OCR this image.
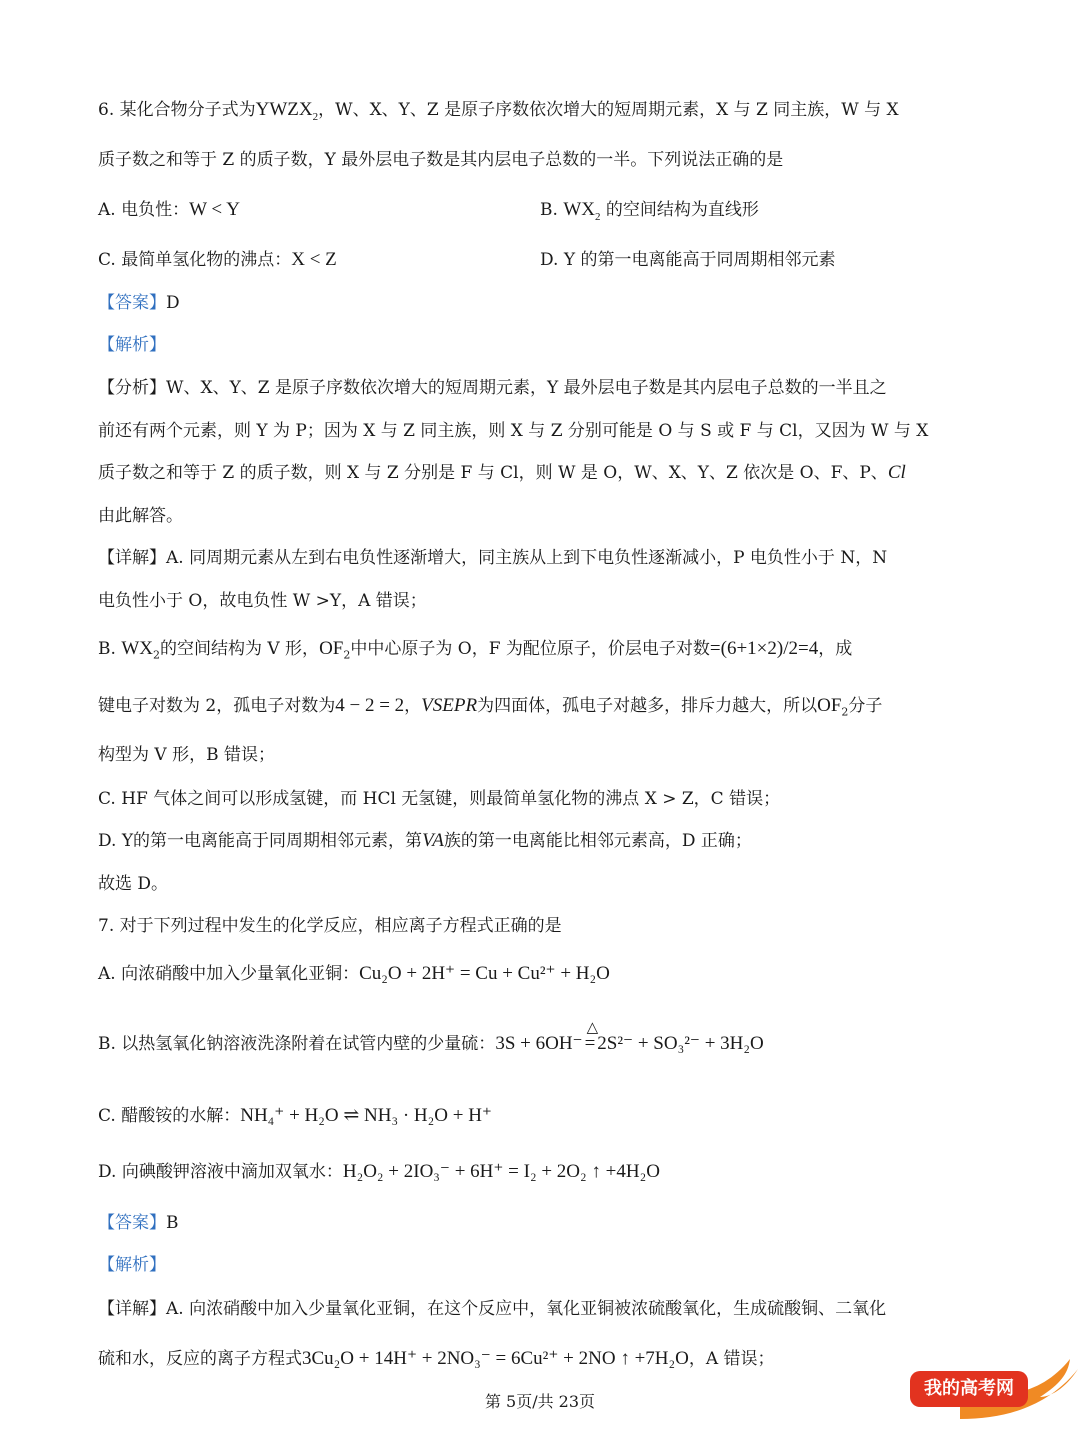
6. 某化合物分子式为$YWZX_2$，W、X、Y、Z 是原子序数依次增大的短周期元素，X 与 Z 同主族，W 与 X
质子数之和等于 Z 的质子数，Y 最外层电子数是其内层电子总数的一半。下列说法正确的是
A. 电负性：W < Y	B. $WX_2$ 的空间结构为直线形
C. 最简单氢化物的沸点：X < Z	D. Y 的第一电离能高于同周期相邻元素
【答案】D
【解析】
【分析】W、X、Y、Z 是原子序数依次增大的短周期元素，Y 最外层电子数是其内层电子总数的一半且之
前还有两个元素，则 Y 为 P；因为 X 与 Z 同主族，则 X 与 Z 分别可能是 O 与 S 或 F 与 Cl，又因为 W 与 X
质子数之和等于 Z 的质子数，则 X 与 Z 分别是 F 与 Cl，则 W 是 O，W、X、Y、Z 依次是 O、F、P、Cl
由此解答。
【详解】A. 同周期元素从左到右电负性逐渐增大，同主族从上到下电负性逐渐减小，P 电负性小于 N，N
电负性小于 O，故电负性 W >Y，A 错误；
B. $WX_2$的空间结构为 V 形，$OF_2$中中心原子为 O，F 为配位原子，价层电子对数=(6+1×2)/2=4，成
键电子对数为 2，孤电子对数为4 − 2 = 2，VSEPR为四面体，孤电子对越多，排斥力越大，所以$OF_2$分子
构型为 V 形，B 错误；
C. HF 气体之间可以形成氢键，而 HCl 无氢键，则最简单氢化物的沸点 X > Z，C 错误；
D. Y的第一电离能高于同周期相邻元素，第VA族的第一电离能比相邻元素高，D 正确；
故选 D。
7. 对于下列过程中发生的化学反应，相应离子方程式正确的是
A. 向浓硝酸中加入少量氧化亚铜：Cu₂O + 2H⁺ = Cu + Cu²⁺ + H₂O
B. 以热氢氧化钠溶液洗涤附着在试管内壁的少量硫：3S + 6OH⁻
△
= 2S²⁻ + SO₃²⁻ + 3H₂O
C. 醋酸铵的水解：NH₄⁺ + H₂O ⇌ NH₃ · H₂O + H⁺
D. 向碘酸钾溶液中滴加双氧水：H₂O₂ + 2IO₃⁻ + 6H⁺ = I₂ + 2O₂ ↑ +4H₂O
【答案】B
【解析】
【详解】A. 向浓硝酸中加入少量氧化亚铜，在这个反应中，氧化亚铜被浓硫酸氧化，生成硫酸铜、二氧化
硫和水，反应的离子方程式3Cu₂O + 14H⁺ + 2NO₃⁻ = 6Cu²⁺ + 2NO ↑ +7H₂O，A 错误；
第 5页/共 23页
我的高考网
